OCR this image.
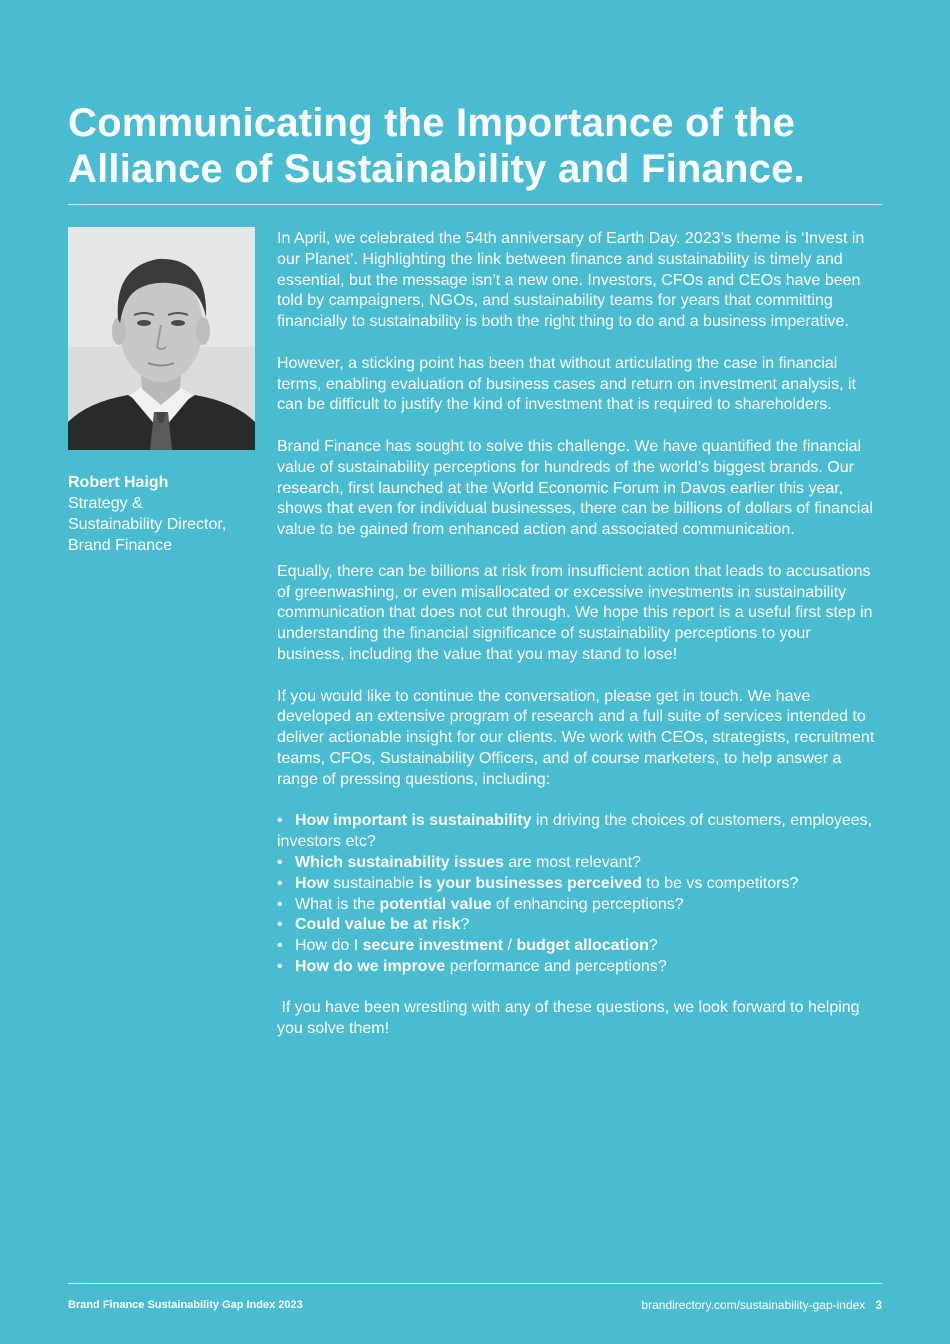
Communicating the Importance of the Alliance of Sustainability and Finance.
Robert Haigh
Strategy &
Sustainability Director,
Brand Finance

In April, we celebrated the 54th anniversary of Earth Day. 2023’s theme is ‘Invest in our Planet’. Highlighting the link between finance and sustainability is timely and essential, but the message isn’t a new one. Investors, CFOs and CEOs have been told by campaigners, NGOs, and sustainability teams for years that committing financially to sustainability is both the right thing to do and a business imperative.

However, a sticking point has been that without articulating the case in financial terms, enabling evaluation of business cases and return on investment analysis, it can be difficult to justify the kind of investment that is required to shareholders.

Brand Finance has sought to solve this challenge. We have quantified the financial value of sustainability perceptions for hundreds of the world’s biggest brands. Our research, first launched at the World Economic Forum in Davos earlier this year, shows that even for individual businesses, there can be billions of dollars of financial value to be gained from enhanced action and associated communication.

Equally, there can be billions at risk from insufficient action that leads to accusations of greenwashing, or even misallocated or excessive investments in sustainability communication that does not cut through. We hope this report is a useful first step in understanding the financial significance of sustainability perceptions to your business, including the value that you may stand to lose!

If you would like to continue the conversation, please get in touch. We have developed an extensive program of research and a full suite of services intended to deliver actionable insight for our clients. We work with CEOs, strategists, recruitment teams, CFOs, Sustainability Officers, and of course marketers, to help answer a range of pressing questions, including:

• How important is sustainability in driving the choices of customers, employees, investors etc?
• Which sustainability issues are most relevant?
• How sustainable is your businesses perceived to be vs competitors?
• What is the potential value of enhancing perceptions?
• Could value be at risk?
• How do I secure investment / budget allocation?
• How do we improve performance and perceptions?

If you have been wrestling with any of these questions, we look forward to helping you solve them!

Brand Finance Sustainability Gap Index 2023	brandirectory.com/sustainability-gap-index 3
